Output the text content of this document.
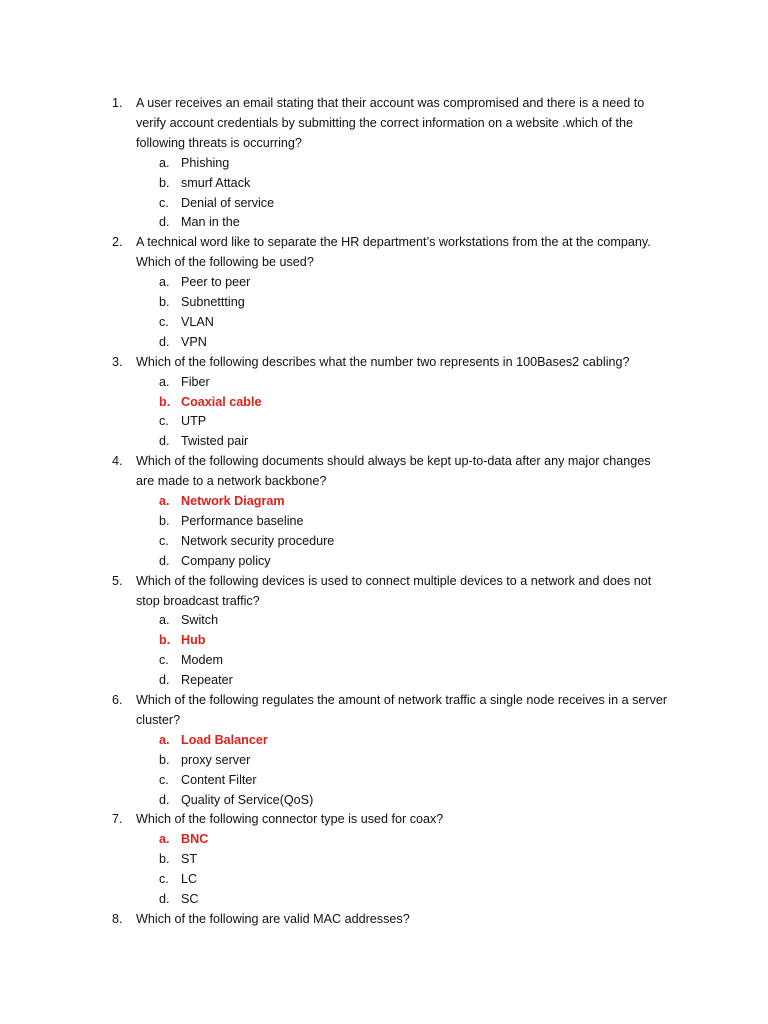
1. A user receives an email stating that their account was compromised and there is a need to
verify account credentials by submitting the correct information on a website .which of the
following threats is occurring?
a. Phishing
b. smurf Attack
c. Denial of service
d. Man in the
2. A technical word like to separate the HR department’s workstations from the at the company.
Which of the following be used?
a. Peer to peer
b. Subnettting
c. VLAN
d. VPN
3. Which of the following describes what the number two represents in 100Bases2 cabling?
a. Fiber
b. Coaxial cable
c. UTP
d. Twisted pair
4. Which of the following documents should always be kept up-to-data after any major changes
are made to a network backbone?
a. Network Diagram
b. Performance baseline
c. Network security procedure
d. Company policy
5. Which of the following devices is used to connect multiple devices to a network and does not
stop broadcast traffic?
a. Switch
b. Hub
c. Modem
d. Repeater
6. Which of the following regulates the amount of network traffic a single node receives in a server
cluster?
a. Load Balancer
b. proxy server
c. Content Filter
d. Quality of Service(QoS)
7. Which of the following connector type is used for coax?
a. BNC
b. ST
c. LC
d. SC
8. Which of the following are valid MAC addresses?
